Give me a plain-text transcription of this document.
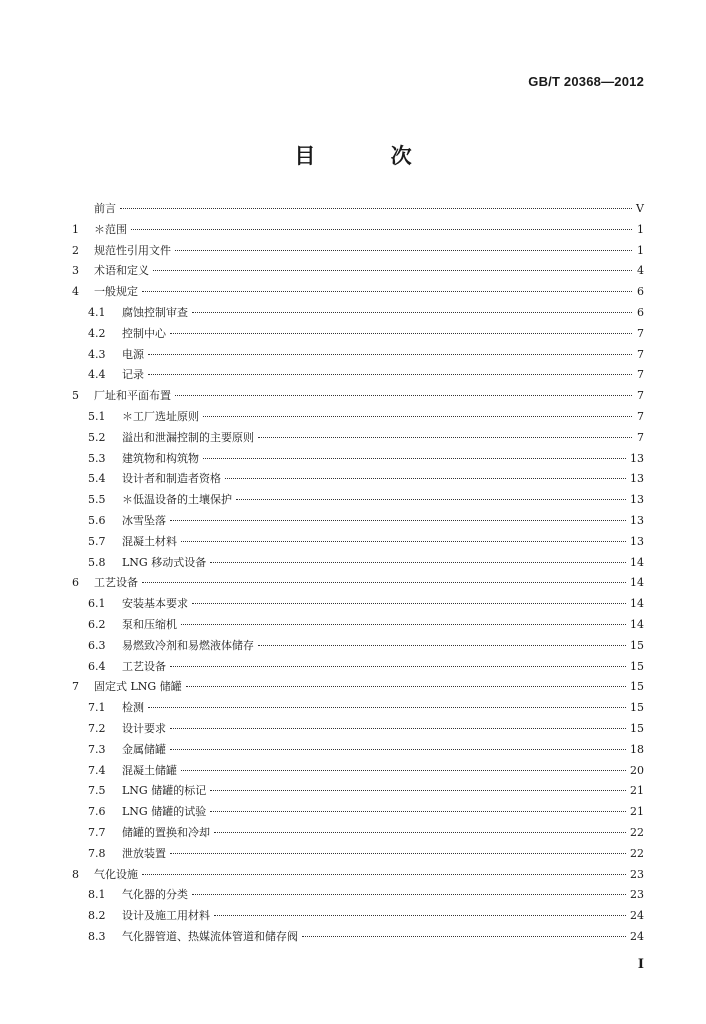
GB/T 20368—2012
目 次
前言	V
1	＊范围	1
2	规范性引用文件	1
3	术语和定义	4
4	一般规定	6
4.1	腐蚀控制审查	6
4.2	控制中心	7
4.3	电源	7
4.4	记录	7
5	厂址和平面布置	7
5.1	＊工厂选址原则	7
5.2	溢出和泄漏控制的主要原则	7
5.3	建筑物和构筑物	13
5.4	设计者和制造者资格	13
5.5	＊低温设备的土壤保护	13
5.6	冰雪坠落	13
5.7	混凝土材料	13
5.8	LNG 移动式设备	14
6	工艺设备	14
6.1	安装基本要求	14
6.2	泵和压缩机	14
6.3	易燃致冷剂和易燃液体储存	15
6.4	工艺设备	15
7	固定式 LNG 储罐	15
7.1	检测	15
7.2	设计要求	15
7.3	金属储罐	18
7.4	混凝土储罐	20
7.5	LNG 储罐的标记	21
7.6	LNG 储罐的试验	21
7.7	储罐的置换和冷却	22
7.8	泄放装置	22
8	气化设施	23
8.1	气化器的分类	23
8.2	设计及施工用材料	24
8.3	气化器管道、热媒流体管道和储存阀	24
I
